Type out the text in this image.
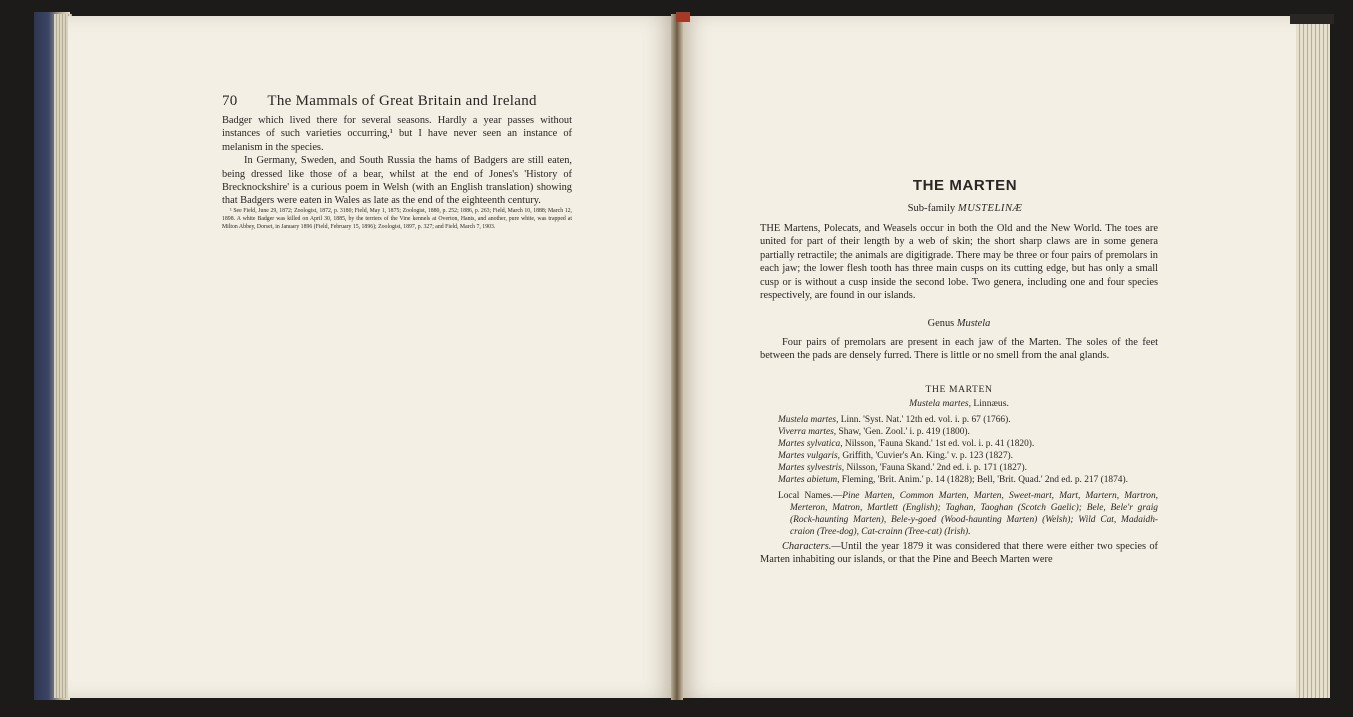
70 The Mammals of Great Britain and Ireland

Badger which lived there for several seasons. Hardly a year passes without instances of such varieties occurring,¹ but I have never seen an instance of melanism in the species.

In Germany, Sweden, and South Russia the hams of Badgers are still eaten, being dressed like those of a bear, whilst at the end of Jones's 'History of Brecknockshire' is a curious poem in Welsh (with an English translation) showing that Badgers were eaten in Wales as late as the end of the eighteenth century.

¹ See Field, June 29, 1872; Zoologist, 1872, p. 3180; Field, May 1, 1875; Zoologist, 1880, p. 252; 1886, p. 263; Field, March 10, 1888; March 12, 1898. A white Badger was killed on April 30, 1885, by the terriers of the Vine kennels at Overton, Hants, and another, pure white, was trapped at Milton Abbey, Dorset, in January 1896 (Field, February 15, 1896); Zoologist, 1897, p. 327; and Field, March 7, 1903.

THE MARTEN
Sub-family MUSTELINÆ

THE Martens, Polecats, and Weasels occur in both the Old and the New World. The toes are united for part of their length by a web of skin; the short sharp claws are in some genera partially retractile; the animals are digitigrade. There may be three or four pairs of premolars in each jaw; the lower flesh tooth has three main cusps on its cutting edge, but has only a small cusp or is without a cusp inside the second lobe. Two genera, including one and four species respectively, are found in our islands.

Genus Mustela

Four pairs of premolars are present in each jaw of the Marten. The soles of the feet between the pads are densely furred. There is little or no smell from the anal glands.

THE MARTEN
Mustela martes, Linnæus.
Mustela martes, Linn. 'Syst. Nat.' 12th ed. vol. i. p. 67 (1766).
Viverra martes, Shaw, 'Gen. Zool.' i. p. 419 (1800).
Martes sylvatica, Nilsson, 'Fauna Skand.' 1st ed. vol. i. p. 41 (1820).
Martes vulgaris, Griffith, 'Cuvier's An. King.' v. p. 123 (1827).
Martes sylvestris, Nilsson, 'Fauna Skand.' 2nd ed. i. p. 171 (1827).
Martes abietum, Fleming, 'Brit. Anim.' p. 14 (1828); Bell, 'Brit. Quad.' 2nd ed. p. 217 (1874).
Local Names.—Pine Marten, Common Marten, Marten, Sweet-mart, Mart, Martern, Martron, Merteron, Matron, Martlett (English); Taghan, Taoghan (Scotch Gaelic); Bele, Bele'r graig (Rock-haunting Marten), Bele-y-goed (Wood-haunting Marten) (Welsh); Wild Cat, Madaidh-craion (Tree-dog), Cat-crainn (Tree-cat) (Irish).

Characters.—Until the year 1879 it was considered that there were either two species of Marten inhabiting our islands, or that the Pine and Beech Marten were
